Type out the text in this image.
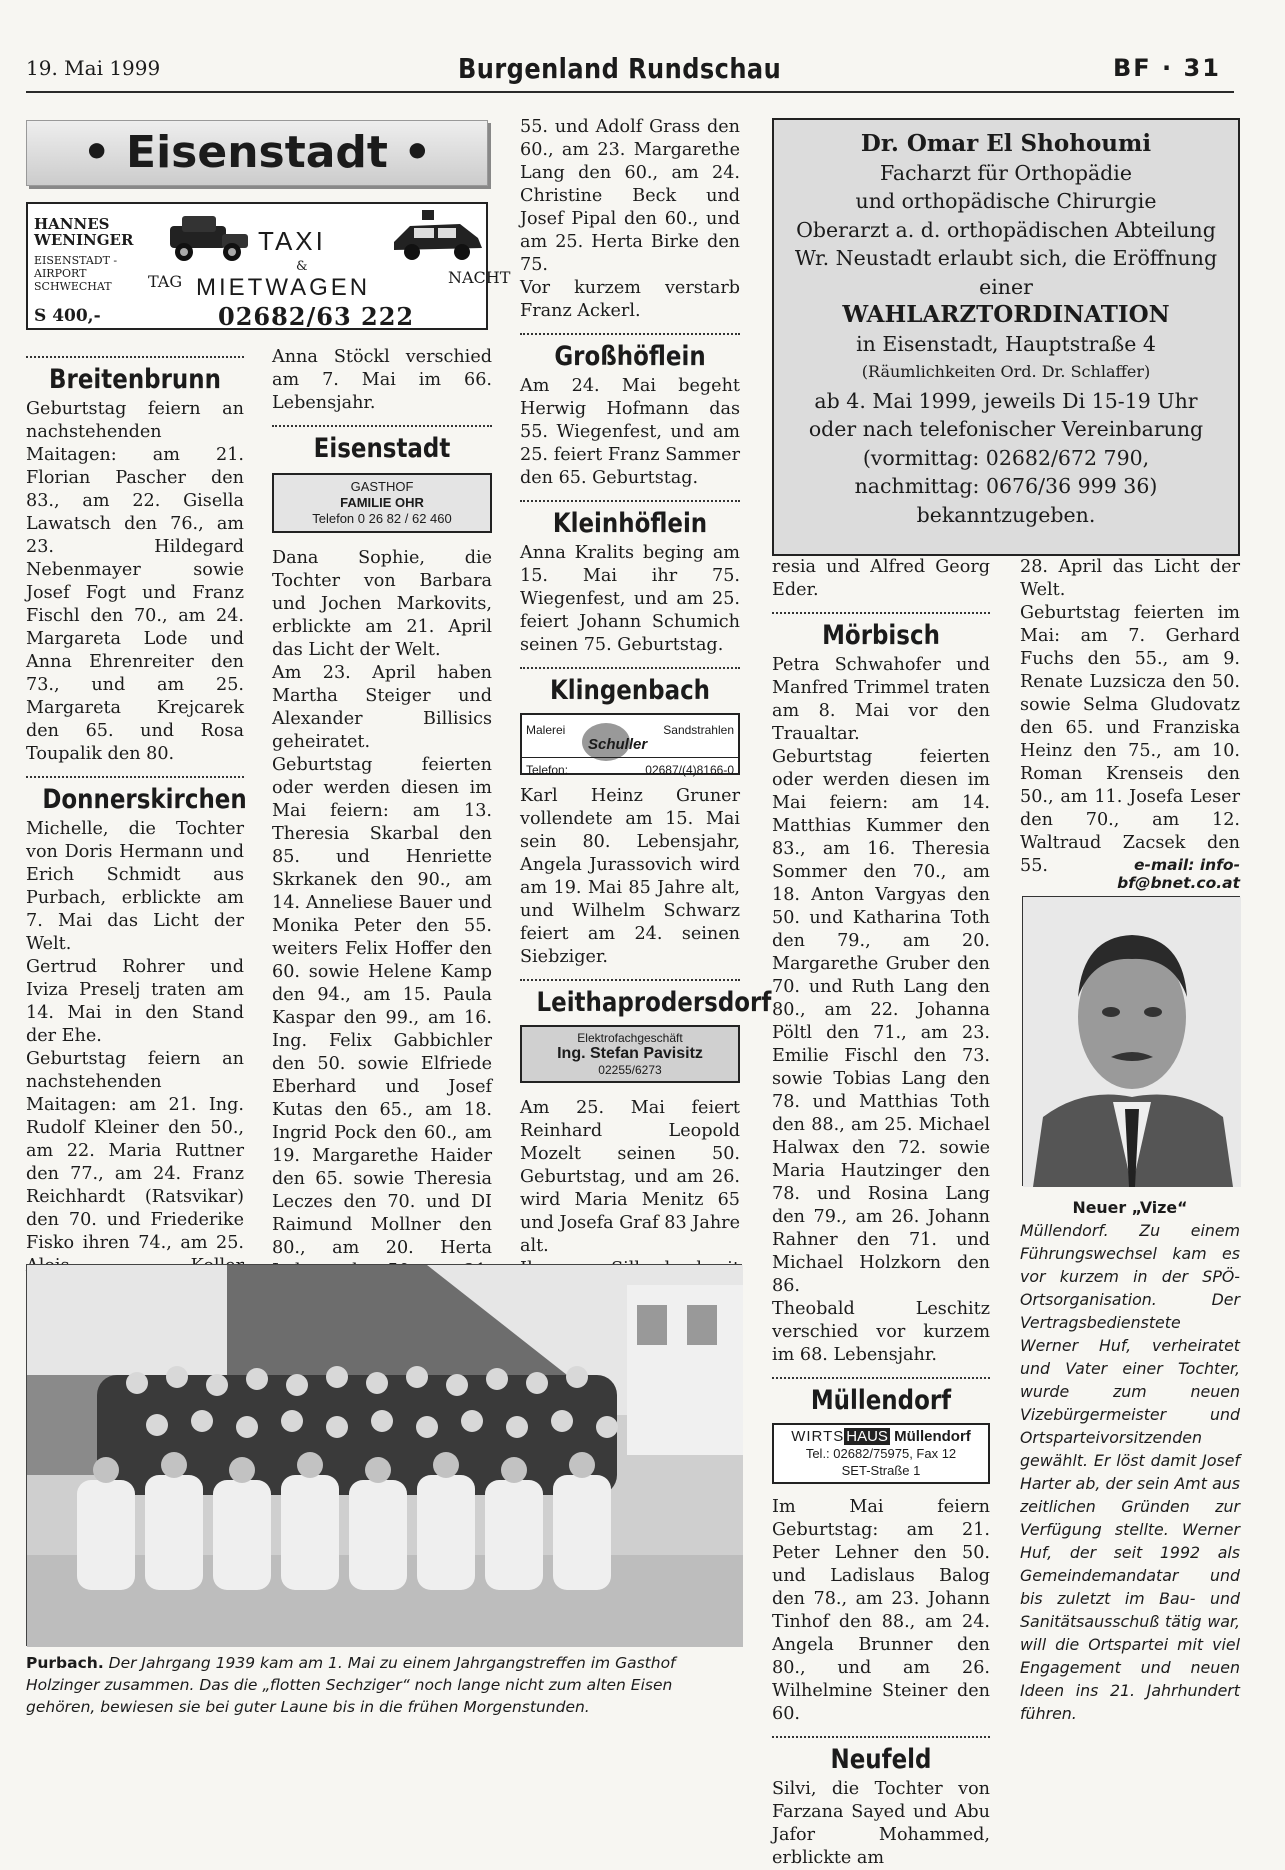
19. Mai 1999	Burgenland Rundschau	BF · 31
• Eisenstadt •
HANNES
WENINGER
EISENSTADT -
AIRPORT
SCHWECHAT
S 400,-
TAXI
&
TAG MIETWAGEN	NACHT
02682/63 222
Breitenbrunn

Geburtstag feiern an nachstehenden Maitagen: am 21. Florian Pascher den 83., am 22. Gisella Lawatsch den 76., am 23. Hildegard Nebenmayer sowie Josef Fogt und Franz Fischl den 70., am 24. Margareta Lode und Anna Ehrenreiter den 73., und am 25. Margareta Krejcarek den 65. und Rosa Toupalik den 80.

Donnerskirchen

Michelle, die Tochter von Doris Hermann und Erich Schmidt aus Purbach, erblickte am 7. Mai das Licht der Welt.

Gertrud Rohrer und Iviza Preselj traten am 14. Mai in den Stand der Ehe.

Geburtstag feiern an nachstehenden Maitagen: am 21. Ing. Rudolf Kleiner den 50., am 22. Maria Ruttner den 77., am 24. Franz Reichhardt (Ratsvikar) den 70. und Friederike Fisko ihren 74., am 25.

Anna Stöckl verschied am 7. Mai im 66. Lebensjahr.

Eisenstadt
GASTHOF
FAMILIE OHR
Telefon 0 26 82 / 62 460

Dana Sophie, die Tochter von Barbara und Jochen Markovits, erblickte am 21. April das Licht der Welt.

Am 23. April haben Martha Steiger und Alexander Billisics geheiratet.

Geburtstag feierten oder werden diesen im Mai feiern: am 13. Theresia Skarbal den 85. und Henriette Skrkanek den 90., am 14. Anneliese Bauer und Monika Peter den 55. weiters Felix Hoffer den 60. sowie Helene Kamp den 94., am 15. Paula Kaspar den 99., am 16. Ing. Felix Gabbichler den 50. sowie Elfriede Eberhard und Josef Kutas den 65., am 18. Ingrid Pock den 60., am 19. Margarethe Haider den 65. sowie Theresia Leczes den 70. und DI Raimund Mollner den 80., am 20. Herta

55. und Adolf Grass den 60., am 23. Margarethe Lang den 60., am 24. Christine Beck und Josef Pipal den 60., und am 25. Herta Birke den 75.

Vor kurzem verstarb Franz Ackerl.

Großhöflein

Am 24. Mai begeht Herwig Hofmann das 55. Wiegenfest, und am 25. feiert Franz Sammer den 65. Geburtstag.

Kleinhöflein

Anna Kralits beging am 15. Mai ihr 75. Wiegenfest, und am 25. feiert Johann Schumich seinen 75. Geburtstag.

Klingenbach
Malerei	Sandstrahlen
Schuller
Telefon:	02687/(4)8166-0

Karl Heinz Gruner vollendete am 15. Mai sein 80. Lebensjahr, Angela Jurassovich wird am 19. Mai 85 Jahre alt, und Wilhelm Schwarz feiert am 24. seinen Siebziger.

Leithaprodersdorf
Elektrofachgeschäft
Ing. Stefan Pavisitz
02255/6273

Am 25. Mai feiert Reinhard Leopold Mozelt seinen 50. Geburtstag, und am 26. wird Maria Menitz 65 und Josefa Graf 83 Jahre alt.

Dr. Omar El Shohoumi
Facharzt für Orthopädie
und orthopädische Chirurgie
Oberarzt a. d. orthopädischen Abteilung
Wr. Neustadt erlaubt sich, die Eröffnung
einer
WAHLARZTORDINATION
in Eisenstadt, Hauptstraße 4
(Räumlichkeiten Ord. Dr. Schlaffer)
ab 4. Mai 1999, jeweils Di 15-19 Uhr
oder nach telefonischer Vereinbarung
(vormittag: 02682/672 790,
nachmittag: 0676/36 999 36)
bekanntzugeben.

resia und Alfred Georg Eder.

Mörbisch

Petra Schwahofer und Manfred Trimmel traten am 8. Mai vor den Traualtar.

Geburtstag feierten oder werden diesen im Mai feiern: am 14. Matthias Kummer den 83., am 16. Theresia Sommer den 70., am 18. Anton Vargyas den 50. und Katharina Toth den 79., am 20. Margarethe Gruber den 70. und Ruth Lang den 80., am 22. Johanna Pöltl den 71., am 23. Emilie Fischl den 73. sowie Tobias Lang den 78. und Matthias Toth den 88., am 25. Michael Halwax den 72. sowie Maria Hautzinger den 78. und Rosina Lang den 79., am 26. Johann Rahner den 71. und Michael Holzkorn den 86.

Theobald Leschitz verschied vor kurzem im 68. Lebensjahr.

Müllendorf
WIRTS HAUS Müllendorf
Tel.: 02682/75975, Fax 12
SET-Straße 1

Im Mai feiern Geburtstag: am 21. Peter Lehner den 50. und Ladislaus Balog den 78., am 23. Johann Tinhof den 88., am 24. Angela Brunner den 80., und am 26. Wilhelmine Steiner den 60.

Neufeld

Silvi, die Tochter von Farzana Sayed und Abu Jafor Mohammed, erblickte am

28. April das Licht der Welt.

Geburtstag feierten im Mai: am 7. Gerhard Fuchs den 55., am 9. Renate Luzsicza den 50. sowie Selma Gludovatz den 65. und Franziska Heinz den 75., am 10. Roman Krenseis den 50., am 11. Josefa Leser den 70., am 12. Waltraud Zacsek den 55.	e-mail: info-bf@bnet.co.at
Neuer „Vize“
Müllendorf. Zu einem Führungswechsel kam es vor kurzem in der SPÖ-Ortsorganisation. Der Vertragsbedienstete Werner Huf, verheiratet und Vater einer Tochter, wurde zum neuen Vizebürgermeister und Ortsparteivorsitzenden gewählt. Er löst damit Josef Harter ab, der sein Amt aus zeitlichen Gründen zur Verfügung stellte. Werner Huf, der seit 1992 als Gemeindemandatar und bis zuletzt im Bau- und Sanitätsausschuß tätig war, will die Ortspartei mit viel Engagement und neuen Ideen ins 21. Jahrhundert führen.
Purbach. Der Jahrgang 1939 kam am 1. Mai zu einem Jahrgangstreffen im Gasthof Holzinger zusammen. Das die „flotten Sechziger“ noch lange nicht zum alten Eisen gehören, bewiesen sie bei guter Laune bis in die frühen Morgenstunden.
